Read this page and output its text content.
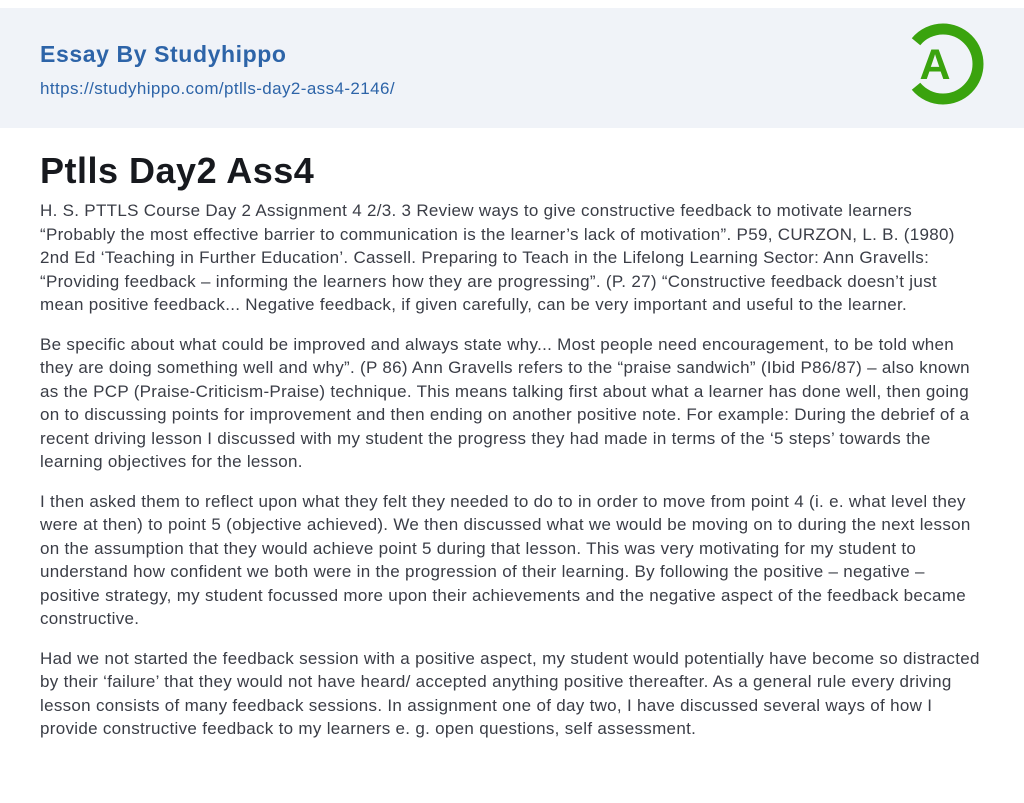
Essay By Studyhippo
https://studyhippo.com/ptlls-day2-ass4-2146/	A
Ptlls Day2 Ass4

H. S. PTTLS Course Day 2 Assignment 4 2/3. 3 Review ways to give constructive feedback to motivate learners “Probably the most effective barrier to communication is the learner’s lack of motivation”. P59, CURZON, L. B. (1980) 2nd Ed ‘Teaching in Further Education’. Cassell. Preparing to Teach in the Lifelong Learning Sector: Ann Gravells: “Providing feedback – informing the learners how they are progressing”. (P. 27) “Constructive feedback doesn’t just mean positive feedback... Negative feedback, if given carefully, can be very important and useful to the learner.

Be specific about what could be improved and always state why... Most people need encouragement, to be told when they are doing something well and why”. (P 86) Ann Gravells refers to the “praise sandwich” (Ibid P86/87) – also known as the PCP (Praise-Criticism-Praise) technique. This means talking first about what a learner has done well, then going on to discussing points for improvement and then ending on another positive note. For example: During the debrief of a recent driving lesson I discussed with my student the progress they had made in terms of the ‘5 steps’ towards the learning objectives for the lesson.

I then asked them to reflect upon what they felt they needed to do to in order to move from point 4 (i. e. what level they were at then) to point 5 (objective achieved). We then discussed what we would be moving on to during the next lesson on the assumption that they would achieve point 5 during that lesson. This was very motivating for my student to understand how confident we both were in the progression of their learning. By following the positive – negative – positive strategy, my student focussed more upon their achievements and the negative aspect of the feedback became constructive.

Had we not started the feedback session with a positive aspect, my student would potentially have become so distracted by their ‘failure’ that they would not have heard/ accepted anything positive thereafter. As a general rule every driving lesson consists of many feedback sessions. In assignment one of day two, I have discussed several ways of how I provide constructive feedback to my learners e. g. open questions, self assessment.
